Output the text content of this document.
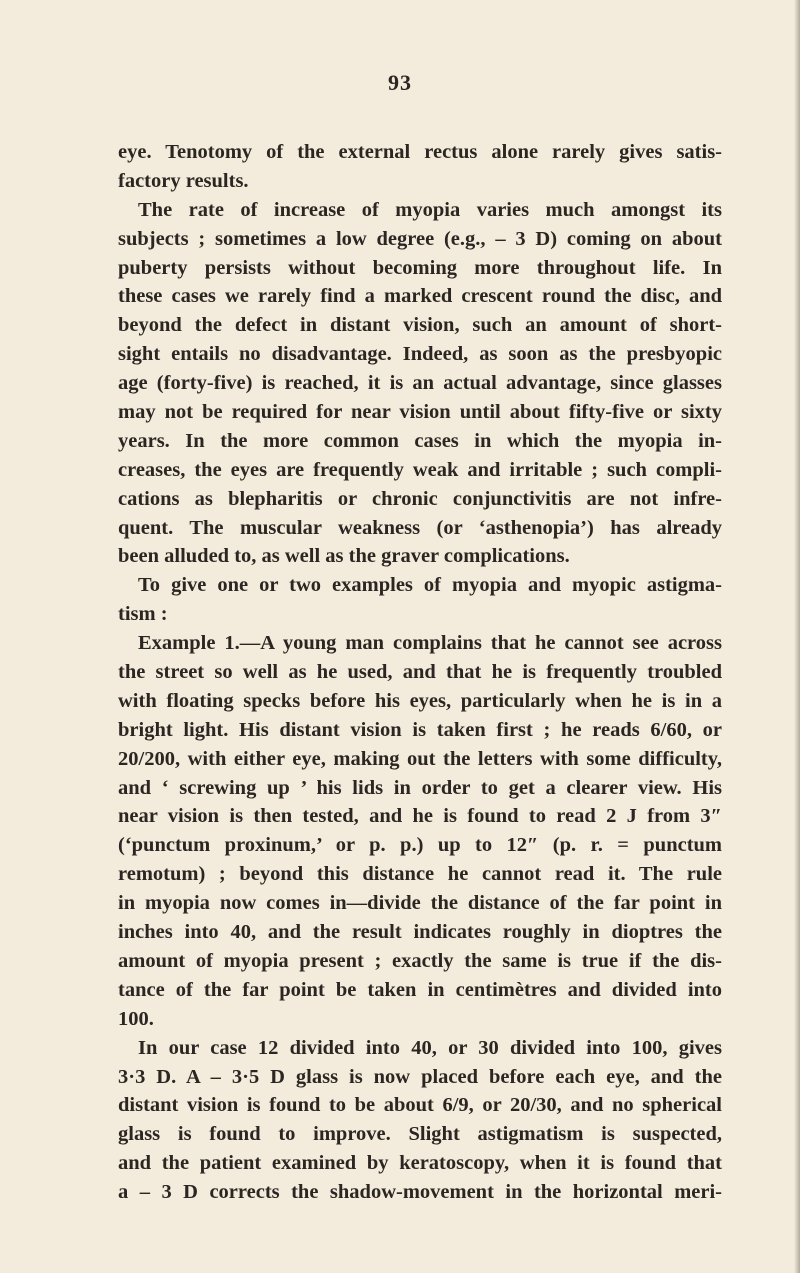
93
eye. Tenotomy of the external rectus alone rarely gives satis-
factory results.
The rate of increase of myopia varies much amongst its
subjects ; sometimes a low degree (e.g., – 3 D) coming on about
puberty persists without becoming more throughout life. In
these cases we rarely find a marked crescent round the disc, and
beyond the defect in distant vision, such an amount of short-
sight entails no disadvantage. Indeed, as soon as the presbyopic
age (forty-five) is reached, it is an actual advantage, since glasses
may not be required for near vision until about fifty-five or sixty
years. In the more common cases in which the myopia in-
creases, the eyes are frequently weak and irritable ; such compli-
cations as blepharitis or chronic conjunctivitis are not infre-
quent. The muscular weakness (or ‘asthenopia’) has already
been alluded to, as well as the graver complications.
To give one or two examples of myopia and myopic astigma-
tism :
Example 1.—A young man complains that he cannot see across
the street so well as he used, and that he is frequently troubled
with floating specks before his eyes, particularly when he is in a
bright light. His distant vision is taken first ; he reads 6/60, or
20/200, with either eye, making out the letters with some difficulty,
and ‘ screwing up ’ his lids in order to get a clearer view. His
near vision is then tested, and he is found to read 2 J from 3″
(‘punctum proxinum,’ or p. p.) up to 12″ (p. r. = punctum
remotum) ; beyond this distance he cannot read it. The rule
in myopia now comes in—divide the distance of the far point in
inches into 40, and the result indicates roughly in dioptres the
amount of myopia present ; exactly the same is true if the dis-
tance of the far point be taken in centimètres and divided into
100.
In our case 12 divided into 40, or 30 divided into 100, gives
3·3 D. A – 3·5 D glass is now placed before each eye, and the
distant vision is found to be about 6/9, or 20/30, and no spherical
glass is found to improve. Slight astigmatism is suspected,
and the patient examined by keratoscopy, when it is found that
a – 3 D corrects the shadow-movement in the horizontal meri-
